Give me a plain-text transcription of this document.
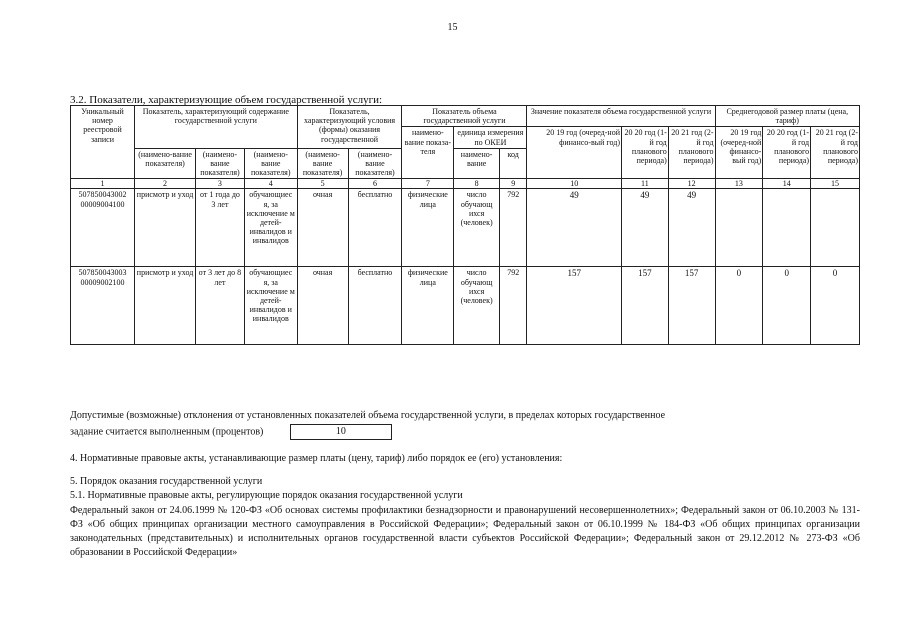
15
3.2. Показатели, характеризующие объем государственной услуги:
Уникальный номер реестровой записи	Показатель, характеризующий содержание государственной услуги			Показатель, характеризующий условия (формы) оказания государственной		Показатель объема государственной услуги			Значение показателя объема государственной услуги			Среднегодовой размер платы (цена, тариф)		
						наимено-вание показа-теля	единица измерения по ОКЕИ		20 19 год (очеред-ной финансо-вый год)	20 20 год (1-й год планового периода)	20 21 год (2-й год планового периода)	20 19 год (очеред-ной финансо-вый год)	20 20 год (1-й год планового периода)	20 21 год (2-й год планового периода)
	(наимено-вание показателя)	(наимено-вание показателя)	(наимено-вание показателя)	(наимено-вание показателя)	(наимено-вание показателя)		наимено-вание	код						
1	2	3	4	5	6	7	8	9	10	11	12	13	14	15
507850043002 00009004100	присмотр и уход	от 1 года до 3 лет	обучающиес я, за исключение м детей-инвалидов и инвалидов	очная	бесплатно	физические лица	число обучающ ихся (человек)	792	49	49	49			
507850043003 00009002100	присмотр и уход	от 3 лет до 8 лет	обучающиес я, за исключение м детей-инвалидов и инвалидов	очная	бесплатно	физические лица	число обучающ ихся (человек)	792	157	157	157	0	0	0
Допустимые (возможные) отклонения от установленных показателей объема государственной услуги, в пределах которых государственное
задание считается выполненным (процентов)	10
4. Нормативные правовые акты, устанавливающие размер платы (цену, тариф) либо порядок ее (его) установления:
5. Порядок оказания государственной услуги
5.1. Нормативные правовые акты, регулирующие порядок оказания государственной услуги
Федеральный закон от 24.06.1999 № 120-ФЗ «Об основах системы профилактики безнадзорности и правонарушений несовершеннолетних»; Федеральный закон от 06.10.2003 № 131-ФЗ «Об общих принципах организации местного самоуправления в Российской Федерации»; Федеральный закон от 06.10.1999 № 184-ФЗ «Об общих принципах организации законодательных (представительных) и исполнительных органов государственной власти субъектов Российской Федерации»; Федеральный закон от 29.12.2012 № 273-ФЗ «Об образовании в Российской Федерации»
